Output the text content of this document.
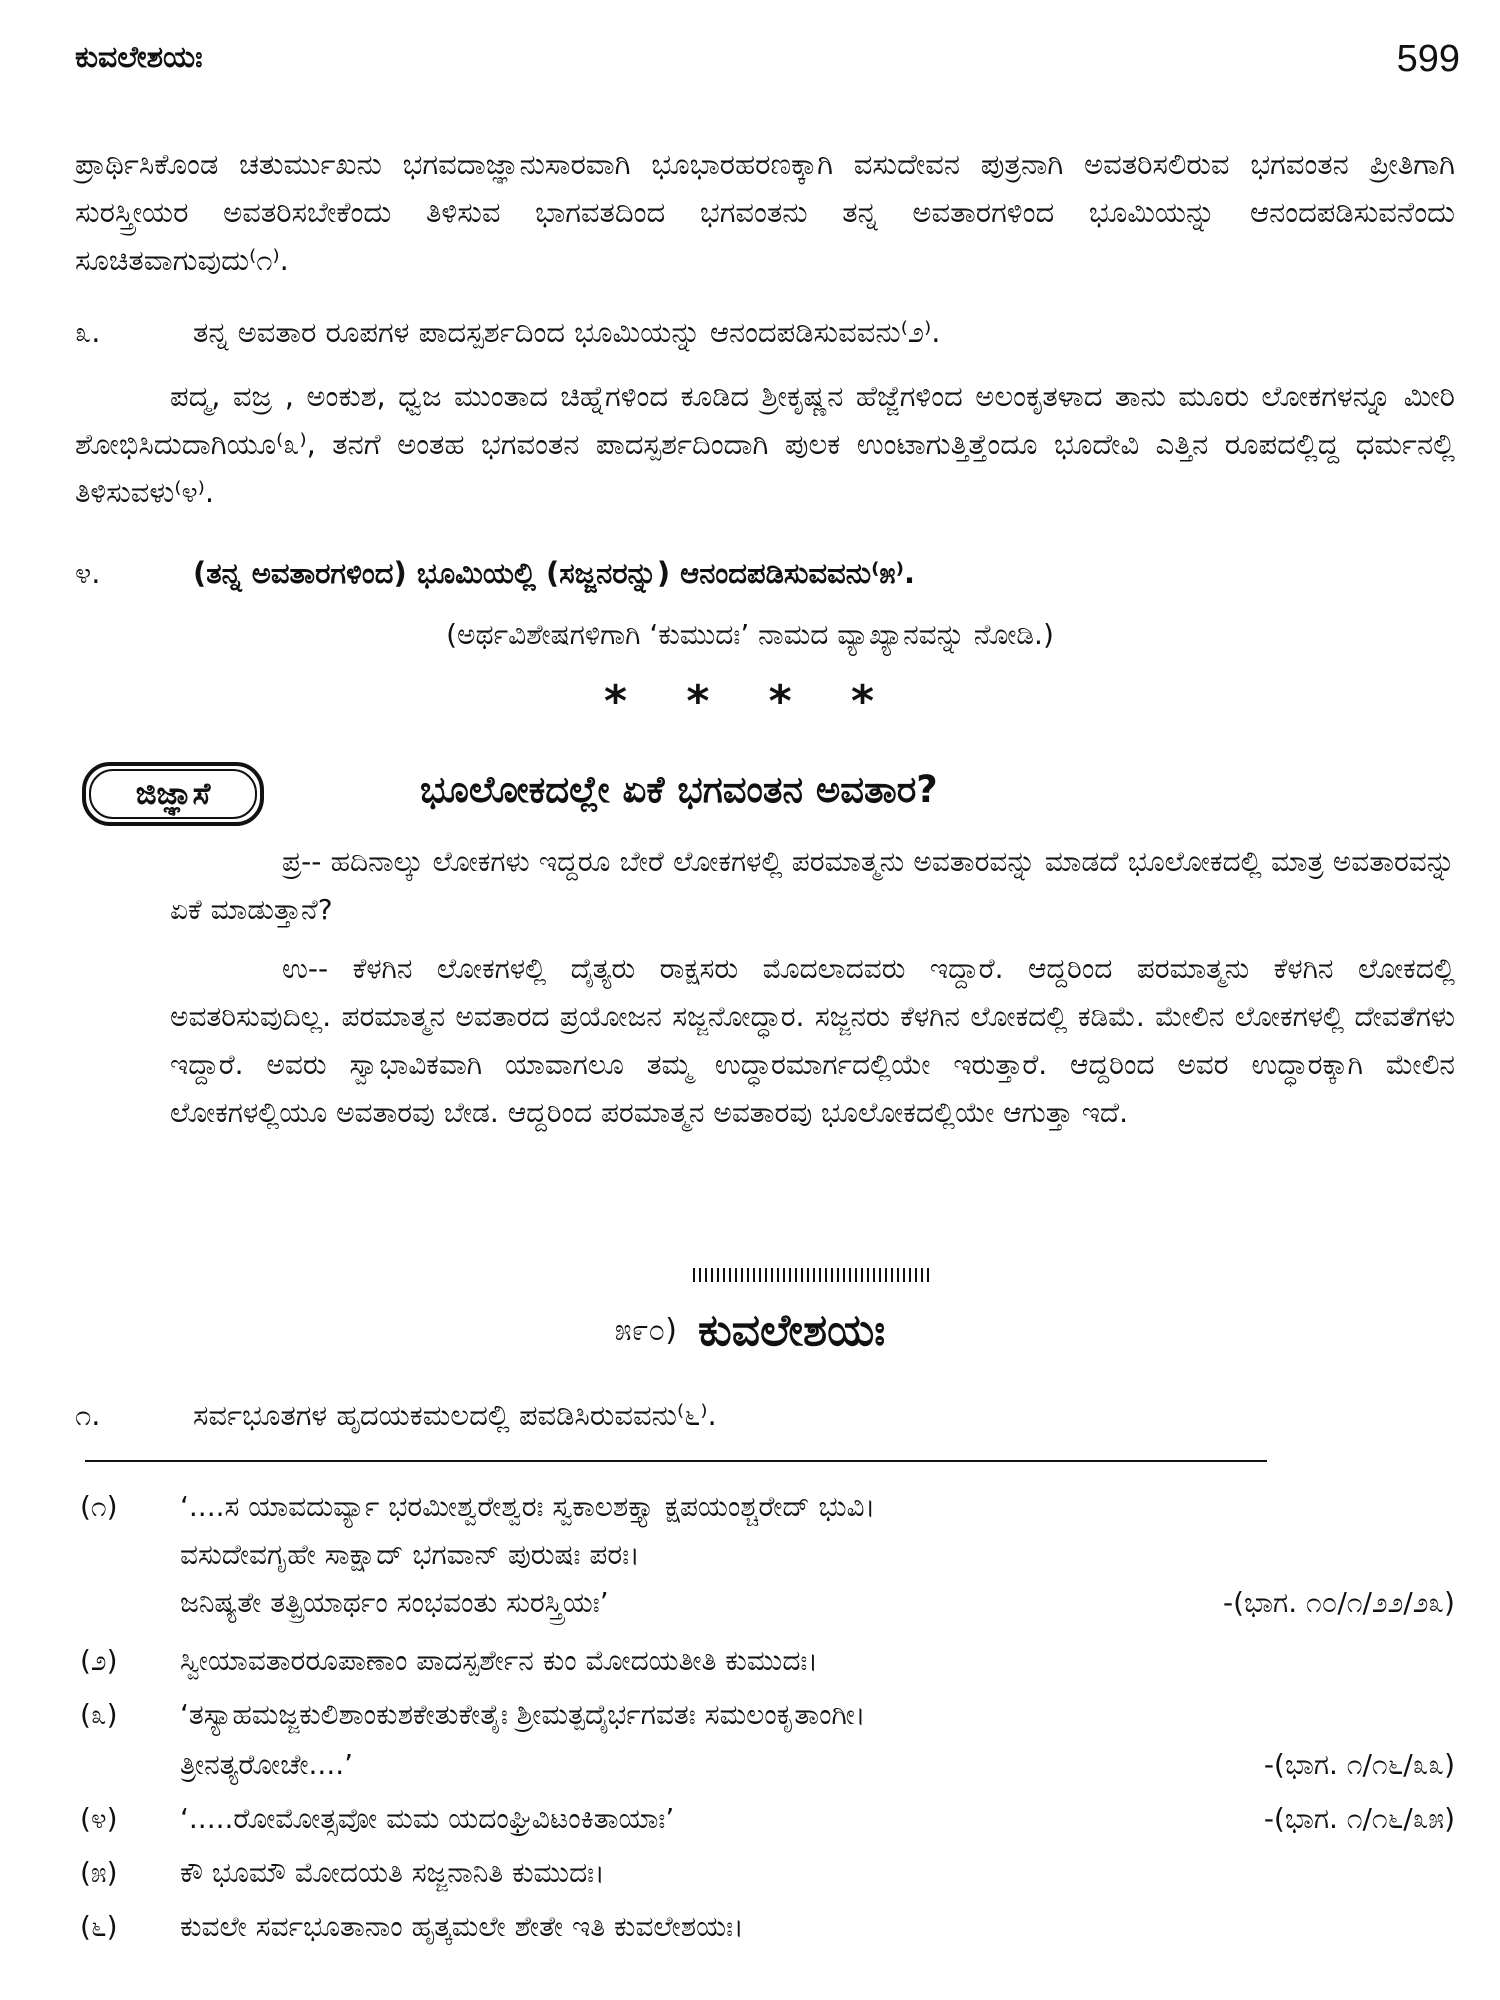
ಕುವಲೇಶಯಃ	599
ಪ್ರಾರ್ಥಿಸಿಕೊಂಡ ಚತುರ್ಮುಖನು ಭಗವದಾಜ್ಞಾನುಸಾರವಾಗಿ ಭೂಭಾರಹರಣಕ್ಕಾಗಿ ವಸುದೇವನ ಪುತ್ರನಾಗಿ ಅವತರಿಸಲಿರುವ ಭಗವಂತನ ಪ್ರೀತಿಗಾಗಿ ಸುರಸ್ತ್ರೀಯರ ಅವತರಿಸಬೇಕೆಂದು ತಿಳಿಸುವ ಭಾಗವತದಿಂದ ಭಗವಂತನು ತನ್ನ ಅವತಾರಗಳಿಂದ ಭೂಮಿಯನ್ನು ಆನಂದಪಡಿಸುವನೆಂದು ಸೂಚಿತವಾಗುವುದು⁽೧⁾.
೩.	ತನ್ನ ಅವತಾರ ರೂಪಗಳ ಪಾದಸ್ಪರ್ಶದಿಂದ ಭೂಮಿಯನ್ನು ಆನಂದಪಡಿಸುವವನು⁽೨⁾.
ಪದ್ಮ, ವಜ್ರ , ಅಂಕುಶ, ಧ್ವಜ ಮುಂತಾದ ಚಿಹ್ನೆಗಳಿಂದ ಕೂಡಿದ ಶ್ರೀಕೃಷ್ಣನ ಹೆಜ್ಜೆಗಳಿಂದ ಅಲಂಕೃತಳಾದ ತಾನು ಮೂರು ಲೋಕಗಳನ್ನೂ ಮೀರಿ ಶೋಭಿಸಿದುದಾಗಿಯೂ⁽೩⁾, ತನಗೆ ಅಂತಹ ಭಗವಂತನ ಪಾದಸ್ಪರ್ಶದಿಂದಾಗಿ ಪುಲಕ ಉಂಟಾಗುತ್ತಿತ್ತೆಂದೂ ಭೂದೇವಿ ಎತ್ತಿನ ರೂಪದಲ್ಲಿದ್ದ ಧರ್ಮನಲ್ಲಿ ತಿಳಿಸುವಳು⁽೪⁾.
೪.	(ತನ್ನ ಅವತಾರಗಳಿಂದ) ಭೂಮಿಯಲ್ಲಿ (ಸಜ್ಜನರನ್ನು) ಆನಂದಪಡಿಸುವವನು⁽೫⁾.
(ಅರ್ಥವಿಶೇಷಗಳಿಗಾಗಿ ‘ಕುಮುದಃ’ ನಾಮದ ವ್ಯಾಖ್ಯಾನವನ್ನು ನೋಡಿ.)
* * * *
ಜಿಜ್ಞಾಸೆ	ಭೂಲೋಕದಲ್ಲೇ ಏಕೆ ಭಗವಂತನ ಅವತಾರ?
ಪ್ರ-- ಹದಿನಾಲ್ಕು ಲೋಕಗಳು ಇದ್ದರೂ ಬೇರೆ ಲೋಕಗಳಲ್ಲಿ ಪರಮಾತ್ಮನು ಅವತಾರವನ್ನು ಮಾಡದೆ ಭೂಲೋಕದಲ್ಲಿ ಮಾತ್ರ ಅವತಾರವನ್ನು ಏಕೆ ಮಾಡುತ್ತಾನೆ?
ಉ-- ಕೆಳಗಿನ ಲೋಕಗಳಲ್ಲಿ ದೈತ್ಯರು ರಾಕ್ಷಸರು ಮೊದಲಾದವರು ಇದ್ದಾರೆ. ಆದ್ದರಿಂದ ಪರಮಾತ್ಮನು ಕೆಳಗಿನ ಲೋಕದಲ್ಲಿ ಅವತರಿಸುವುದಿಲ್ಲ. ಪರಮಾತ್ಮನ ಅವತಾರದ ಪ್ರಯೋಜನ ಸಜ್ಜನೋದ್ಧಾರ. ಸಜ್ಜನರು ಕೆಳಗಿನ ಲೋಕದಲ್ಲಿ ಕಡಿಮೆ. ಮೇಲಿನ ಲೋಕಗಳಲ್ಲಿ ದೇವತೆಗಳು ಇದ್ದಾರೆ. ಅವರು ಸ್ವಾಭಾವಿಕವಾಗಿ ಯಾವಾಗಲೂ ತಮ್ಮ ಉದ್ಧಾರಮಾರ್ಗದಲ್ಲಿಯೇ ಇರುತ್ತಾರೆ. ಆದ್ದರಿಂದ ಅವರ ಉದ್ಧಾರಕ್ಕಾಗಿ ಮೇಲಿನ ಲೋಕಗಳಲ್ಲಿಯೂ ಅವತಾರವು ಬೇಡ. ಆದ್ದರಿಂದ ಪರಮಾತ್ಮನ ಅವತಾರವು ಭೂಲೋಕದಲ್ಲಿಯೇ ಆಗುತ್ತಾ ಇದೆ.
೫೯೦) ಕುವಲೇಶಯಃ
೧.	ಸರ್ವಭೂತಗಳ ಹೃದಯಕಮಲದಲ್ಲಿ ಪವಡಿಸಿರುವವನು⁽೬⁾.
(೧) ‘....ಸ ಯಾವದುರ್ವ್ಯಾ ಭರಮೀಶ್ವರೇಶ್ವರಃ ಸ್ವಕಾಲಶಕ್ತ್ಯಾ ಕ್ಷಪಯಂಶ್ಚರೇದ್ ಭುವಿ।
ವಸುದೇವಗೃಹೇ ಸಾಕ್ಷಾದ್ ಭಗವಾನ್ ಪುರುಷಃ ಪರಃ।
ಜನಿಷ್ಯತೇ ತತ್ಪ್ರಿಯಾರ್ಥಂ ಸಂಭವಂತು ಸುರಸ್ತ್ರಿಯಃ’	-(ಭಾಗ. ೧೦/೧/೨೨/೨೩)
(೨) ಸ್ವೀಯಾವತಾರರೂಪಾಣಾಂ ಪಾದಸ್ಪರ್ಶೇನ ಕುಂ ಮೋದಯತೀತಿ ಕುಮುದಃ।
(೩) ‘ತಸ್ಯಾಹಮಜ್ಜಕುಲಿಶಾಂಕುಶಕೇತುಕೇತೈಃ ಶ್ರೀಮತ್ಪದೈರ್ಭಗವತಃ ಸಮಲಂಕೃತಾಂಗೀ।
ತ್ರೀನತ್ಯರೋಚೇ....’	-(ಭಾಗ. ೧/೧೬/೩೩)
(೪) ‘.....ರೋಮೋತ್ಸವೋ ಮಮ ಯದಂಘ್ರಿವಿಟಂಕಿತಾಯಾಃ’	-(ಭಾಗ. ೧/೧೬/೩೫)
(೫) ಕೌ ಭೂಮೌ ಮೋದಯತಿ ಸಜ್ಜನಾನಿತಿ ಕುಮುದಃ।
(೬) ಕುವಲೇ ಸರ್ವಭೂತಾನಾಂ ಹೃತ್ಕಮಲೇ ಶೇತೇ ಇತಿ ಕುವಲೇಶಯಃ।
